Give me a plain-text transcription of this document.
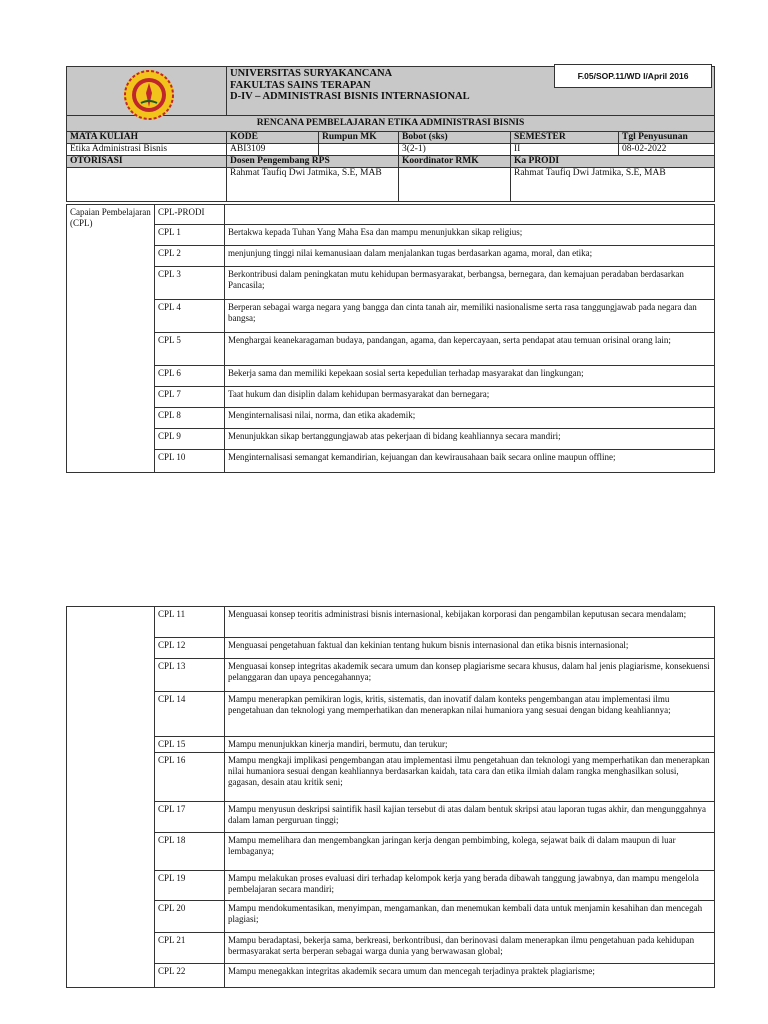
UNIVERSITAS SURYAKANCANA
FAKULTAS SAINS TERAPAN
D-IV – ADMINISTRASI BISNIS INTERNASIONAL				

RENCANA PEMBELAJARAN ETIKA ADMINISTRASI BISNIS					
MATA KULIAH	KODE	Rumpun MK	Bobot (sks)	SEMESTER	Tgl Penyusunan
Etika Administrasi Bisnis	ABI3109		3(2-1)	II	08-02-2022
OTORISASI	Dosen Pengembang RPS		Koordinator RMK	Ka PRODI	
	Rahmat Taufiq Dwi Jatmika, S.E, MAB			Rahmat Taufiq Dwi Jatmika, S.E, MAB	
F.05/SOP.11/WD I/April 2016
Capaian Pembelajaran (CPL)	CPL-PRODI	
	CPL 1	Bertakwa kepada Tuhan Yang Maha Esa dan mampu menunjukkan sikap religius;
	CPL 2	menjunjung tinggi nilai kemanusiaan dalam menjalankan tugas berdasarkan agama, moral, dan etika;
	CPL 3	Berkontribusi dalam peningkatan mutu kehidupan bermasyarakat, berbangsa, bernegara, dan kemajuan peradaban berdasarkan Pancasila;
	CPL 4	Berperan sebagai warga negara yang bangga dan cinta tanah air, memiliki nasionalisme serta rasa tanggungjawab pada negara dan bangsa;
	CPL 5	Menghargai keanekaragaman budaya, pandangan, agama, dan kepercayaan, serta pendapat atau temuan orisinal orang lain;
	CPL 6	Bekerja sama dan memiliki kepekaan sosial serta kepedulian terhadap masyarakat dan lingkungan;
	CPL 7	Taat hukum dan disiplin dalam kehidupan bermasyarakat dan bernegara;
	CPL 8	Menginternalisasi nilai, norma, dan etika akademik;
	CPL 9	Menunjukkan sikap bertanggungjawab atas pekerjaan di bidang keahliannya secara mandiri;
	CPL 10	Menginternalisasi semangat kemandirian, kejuangan dan kewirausahaan baik secara online maupun offline;
	CPL 11	Menguasai konsep teoritis administrasi bisnis internasional, kebijakan korporasi dan pengambilan keputusan secara mendalam;
	CPL 12	Menguasai pengetahuan faktual dan kekinian tentang hukum bisnis internasional dan etika bisnis internasional;
	CPL 13	Menguasai konsep integritas akademik secara umum dan konsep plagiarisme secara khusus, dalam hal jenis plagiarisme, konsekuensi pelanggaran dan upaya pencegahannya;
	CPL 14	Mampu menerapkan pemikiran logis, kritis, sistematis, dan inovatif dalam konteks pengembangan atau implementasi ilmu pengetahuan dan teknologi yang memperhatikan dan menerapkan nilai humaniora yang sesuai dengan bidang keahliannya;
	CPL 15	Mampu menunjukkan kinerja mandiri, bermutu, dan terukur;
	CPL 16	Mampu mengkaji implikasi pengembangan atau implementasi ilmu pengetahuan dan teknologi yang memperhatikan dan menerapkan nilai humaniora sesuai dengan keahliannya berdasarkan kaidah, tata cara dan etika ilmiah dalam rangka menghasilkan solusi, gagasan, desain atau kritik seni;
	CPL 17	Mampu menyusun deskripsi saintifik hasil kajian tersebut di atas dalam bentuk skripsi atau laporan tugas akhir, dan mengunggahnya dalam laman perguruan tinggi;
	CPL 18	Mampu memelihara dan mengembangkan jaringan kerja dengan pembimbing, kolega, sejawat baik di dalam maupun di luar lembaganya;
	CPL 19	Mampu melakukan proses evaluasi diri terhadap kelompok kerja yang berada dibawah tanggung jawabnya, dan mampu mengelola pembelajaran secara mandiri;
	CPL 20	Mampu mendokumentasikan, menyimpan, mengamankan, dan menemukan kembali data untuk menjamin kesahihan dan mencegah plagiasi;
	CPL 21	Mampu beradaptasi, bekerja sama, berkreasi, berkontribusi, dan berinovasi dalam menerapkan ilmu pengetahuan pada kehidupan bermasyarakat serta berperan sebagai warga dunia yang berwawasan global;
	CPL 22	Mampu menegakkan integritas akademik secara umum dan mencegah terjadinya praktek plagiarisme;
